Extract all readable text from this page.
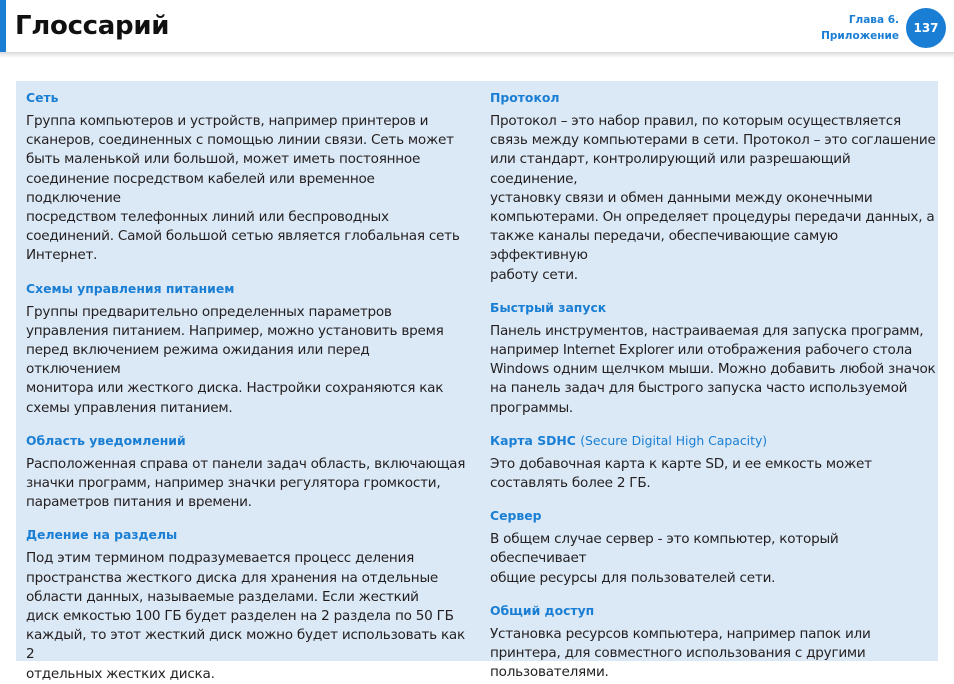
Глоссарий	Глава 6.
Приложение
137
Сеть

Группа компьютеров и устройств, например принтеров и

сканеров, соединенных с помощью линии связи. Сеть может

быть маленькой или большой, может иметь постоянное

соединение посредством кабелей или временное подключение

посредством телефонных линий или беспроводных

соединений. Самой большой сетью является глобальная сеть

Интернет.

Схемы управления питанием

Группы предварительно определенных параметров

управления питанием. Например, можно установить время

перед включением режима ожидания или перед отключением

монитора или жесткого диска. Настройки сохраняются как

схемы управления питанием.

Область уведомлений

Расположенная справа от панели задач область, включающая

значки программ, например значки регулятора громкости,

параметров питания и времени.

Деление на разделы

Под этим термином подразумевается процесс деления

пространства жесткого диска для хранения на отдельные

области данных, называемые разделами. Если жесткий

диск емкостью 100 ГБ будет разделен на 2 раздела по 50 ГБ

каждый, то этот жесткий диск можно будет использовать как 2

отдельных жестких диска.

Протокол

Протокол – это набор правил, по которым осуществляется

связь между компьютерами в сети. Протокол – это соглашение

или стандарт, контролирующий или разрешающий соединение,

установку связи и обмен данными между оконечными

компьютерами. Он определяет процедуры передачи данных, а

также каналы передачи, обеспечивающие самую эффективную

работу сети.

Быстрый запуск

Панель инструментов, настраиваемая для запуска программ,

например Internet Explorer или отображения рабочего стола

Windows одним щелчком мыши. Можно добавить любой значок

на панель задач для быстрого запуска часто используемой

программы.

Карта SDHC (Secure Digital High Capacity)

Это добавочная карта к карте SD, и ее емкость может

составлять более 2 ГБ.

Сервер

В общем случае сервер - это компьютер, который обеспечивает

общие ресурсы для пользователей сети.

Общий доступ

Установка ресурсов компьютера, например папок или

принтера, для совместного использования с другими

пользователями.
